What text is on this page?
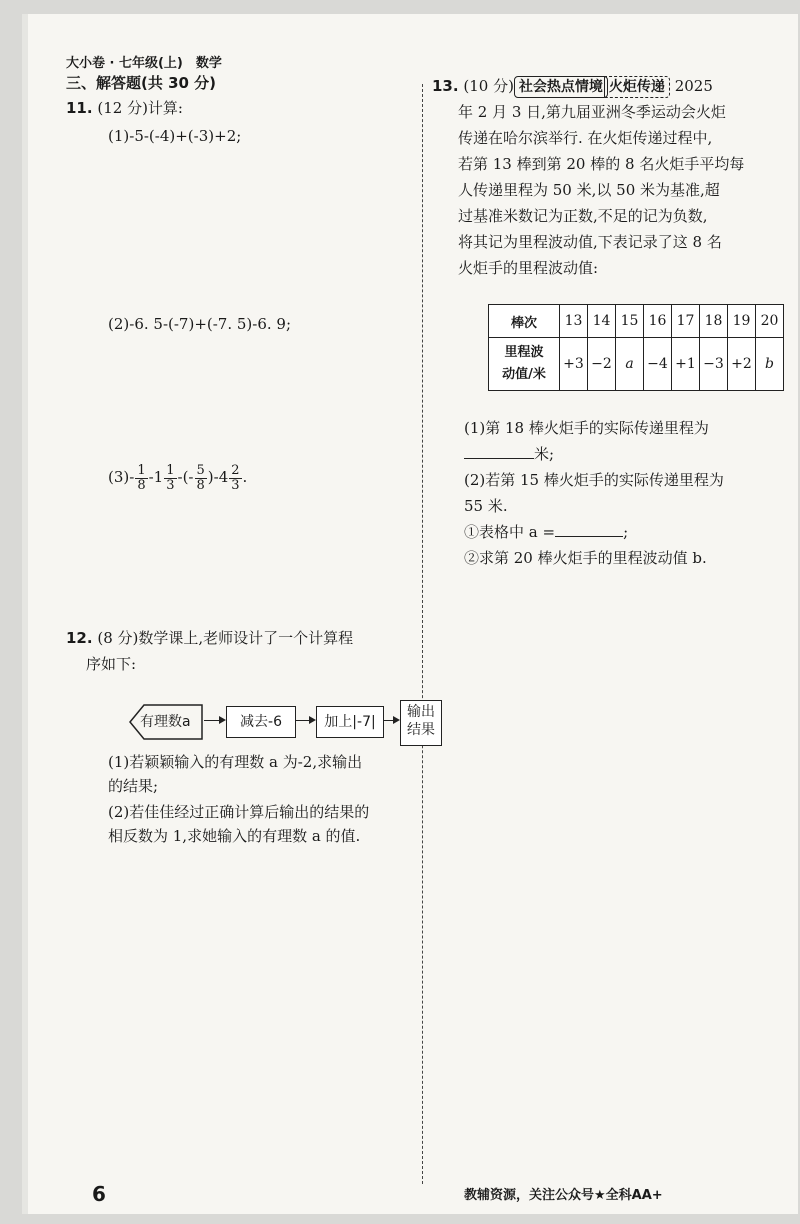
大小卷 · 七年级(上)　数学
三、解答题(共 30 分)
11. (12 分)计算:
(1)-5-(-4)+(-3)+2;
(2)-6. 5-(-7)+(-7. 5)-6. 9;
$(3)- \frac{1}{8} -1 \frac{1}{3}$ -(- $\frac{5}{8} )-4 \frac{2}{3}$ .
12. (8 分)数学课上,老师设计了一个计算程
序如下:
有理数a	减去-6	加上|-7|
输出
结果
(1)若颖颖输入的有理数 a 为-2,求输出
的结果;
(2)若佳佳经过正确计算后输出的结果的
相反数为 1,求她输入的有理数 a 的值.
13. (10 分) 社会热点情境 火炬传递 2025
年 2 月 3 日,第九届亚洲冬季运动会火炬
传递在哈尔滨举行. 在火炬传递过程中,
若第 13 棒到第 20 棒的 8 名火炬手平均每
人传递里程为 50 米,以 50 米为基准,超
过基准米数记为正数,不足的记为负数,
将其记为里程波动值,下表记录了这 8 名
火炬手的里程波动值:
棒次	13	14	15	16	17	18	19	20

里程波
动值/米	+3	−2	a	−4	+1	−3	+2	b
(1)第 18 棒火炬手的实际传递里程为
米;
(2)若第 15 棒火炬手的实际传递里程为
55 米.
①表格中 a =	;
②求第 20 棒火炬手的里程波动值 b.
6	教辅资源，关注公众号★全科AA+
